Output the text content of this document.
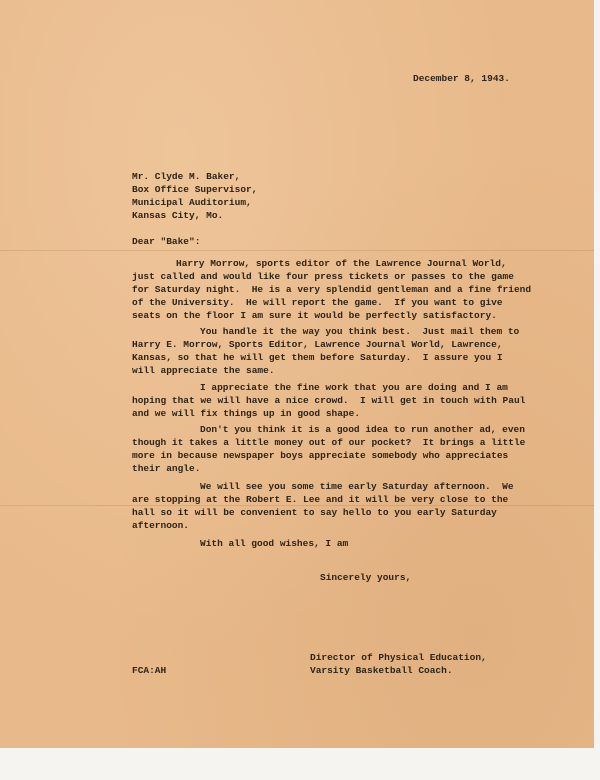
December 8, 1943.

Mr. Clyde M. Baker,

Box Office Supervisor,

Municipal Auditorium,

Kansas City, Mo.

Dear "Bake":

Harry Morrow, sports editor of the Lawrence Journal World,

just called and would like four press tickets or passes to the game

for Saturday night.  He is a very splendid gentleman and a fine friend

of the University.  He will report the game.  If you want to give

seats on the floor I am sure it would be perfectly satisfactory.

You handle it the way you think best.  Just mail them to

Harry E. Morrow, Sports Editor, Lawrence Journal World, Lawrence,

Kansas, so that he will get them before Saturday.  I assure you I

will appreciate the same.

I appreciate the fine work that you are doing and I am

hoping that we will have a nice crowd.  I will get in touch with Paul

and we will fix things up in good shape.

Don't you think it is a good idea to run another ad, even

though it takes a little money out of our pocket?  It brings a little

more in because newspaper boys appreciate somebody who appreciates

their angle.

We will see you some time early Saturday afternoon.  We

are stopping at the Robert E. Lee and it will be very close to the

hall so it will be convenient to say hello to you early Saturday

afternoon.

With all good wishes, I am

Sincerely yours,

Director of Physical Education,

Varsity Basketball Coach.

FCA:AH
